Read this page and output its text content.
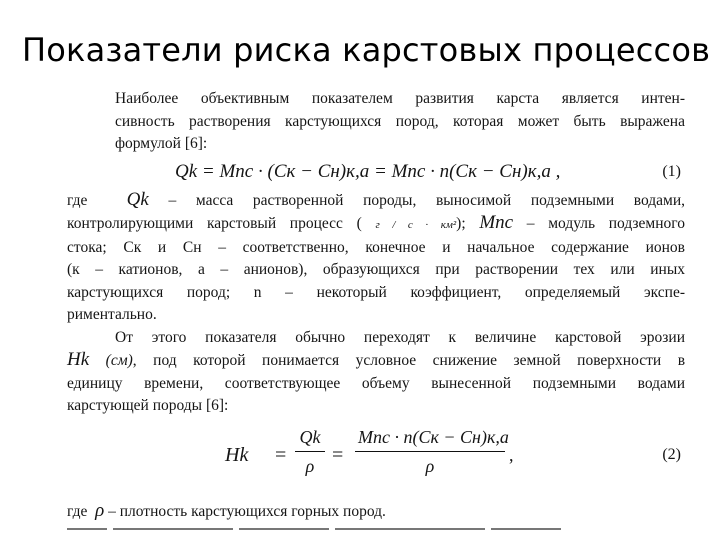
Показатели риска карстовых процессов

Наиболее объективным показателем развития карста является интен-
сивность растворения карстующихся пород, которая может быть выражена
формулой [6]:

Qk = Mпс · (Cк − Cн)к,а = Mпс · n(Cк − Cн)к,а ,	(1)

где Qk – масса растворенной породы, выносимой подземными водами,
контролирующими карстовый процесс ( г / с · км²); Mпс – модуль подземного
стока; Cк и Cн – соответственно, конечное и начальное содержание ионов
(к – катионов, а – анионов), образующихся при растворении тех или иных
карстующихся пород; n – некоторый коэффициент, определяемый экспе-
риментально.

От этого показателя обычно переходят к величине карстовой эрозии
Hk (см), под которой понимается условное снижение земной поверхности в
единицу времени, соответствующее объему вынесенной подземными водами
карстующей породы [6]:

$Hk = \frac{Qk}{\rho}$ =
Mпс · n(Cк − Cн)к,а
ρ
,	(2)

где ρ – плотность карстующихся горных пород.
